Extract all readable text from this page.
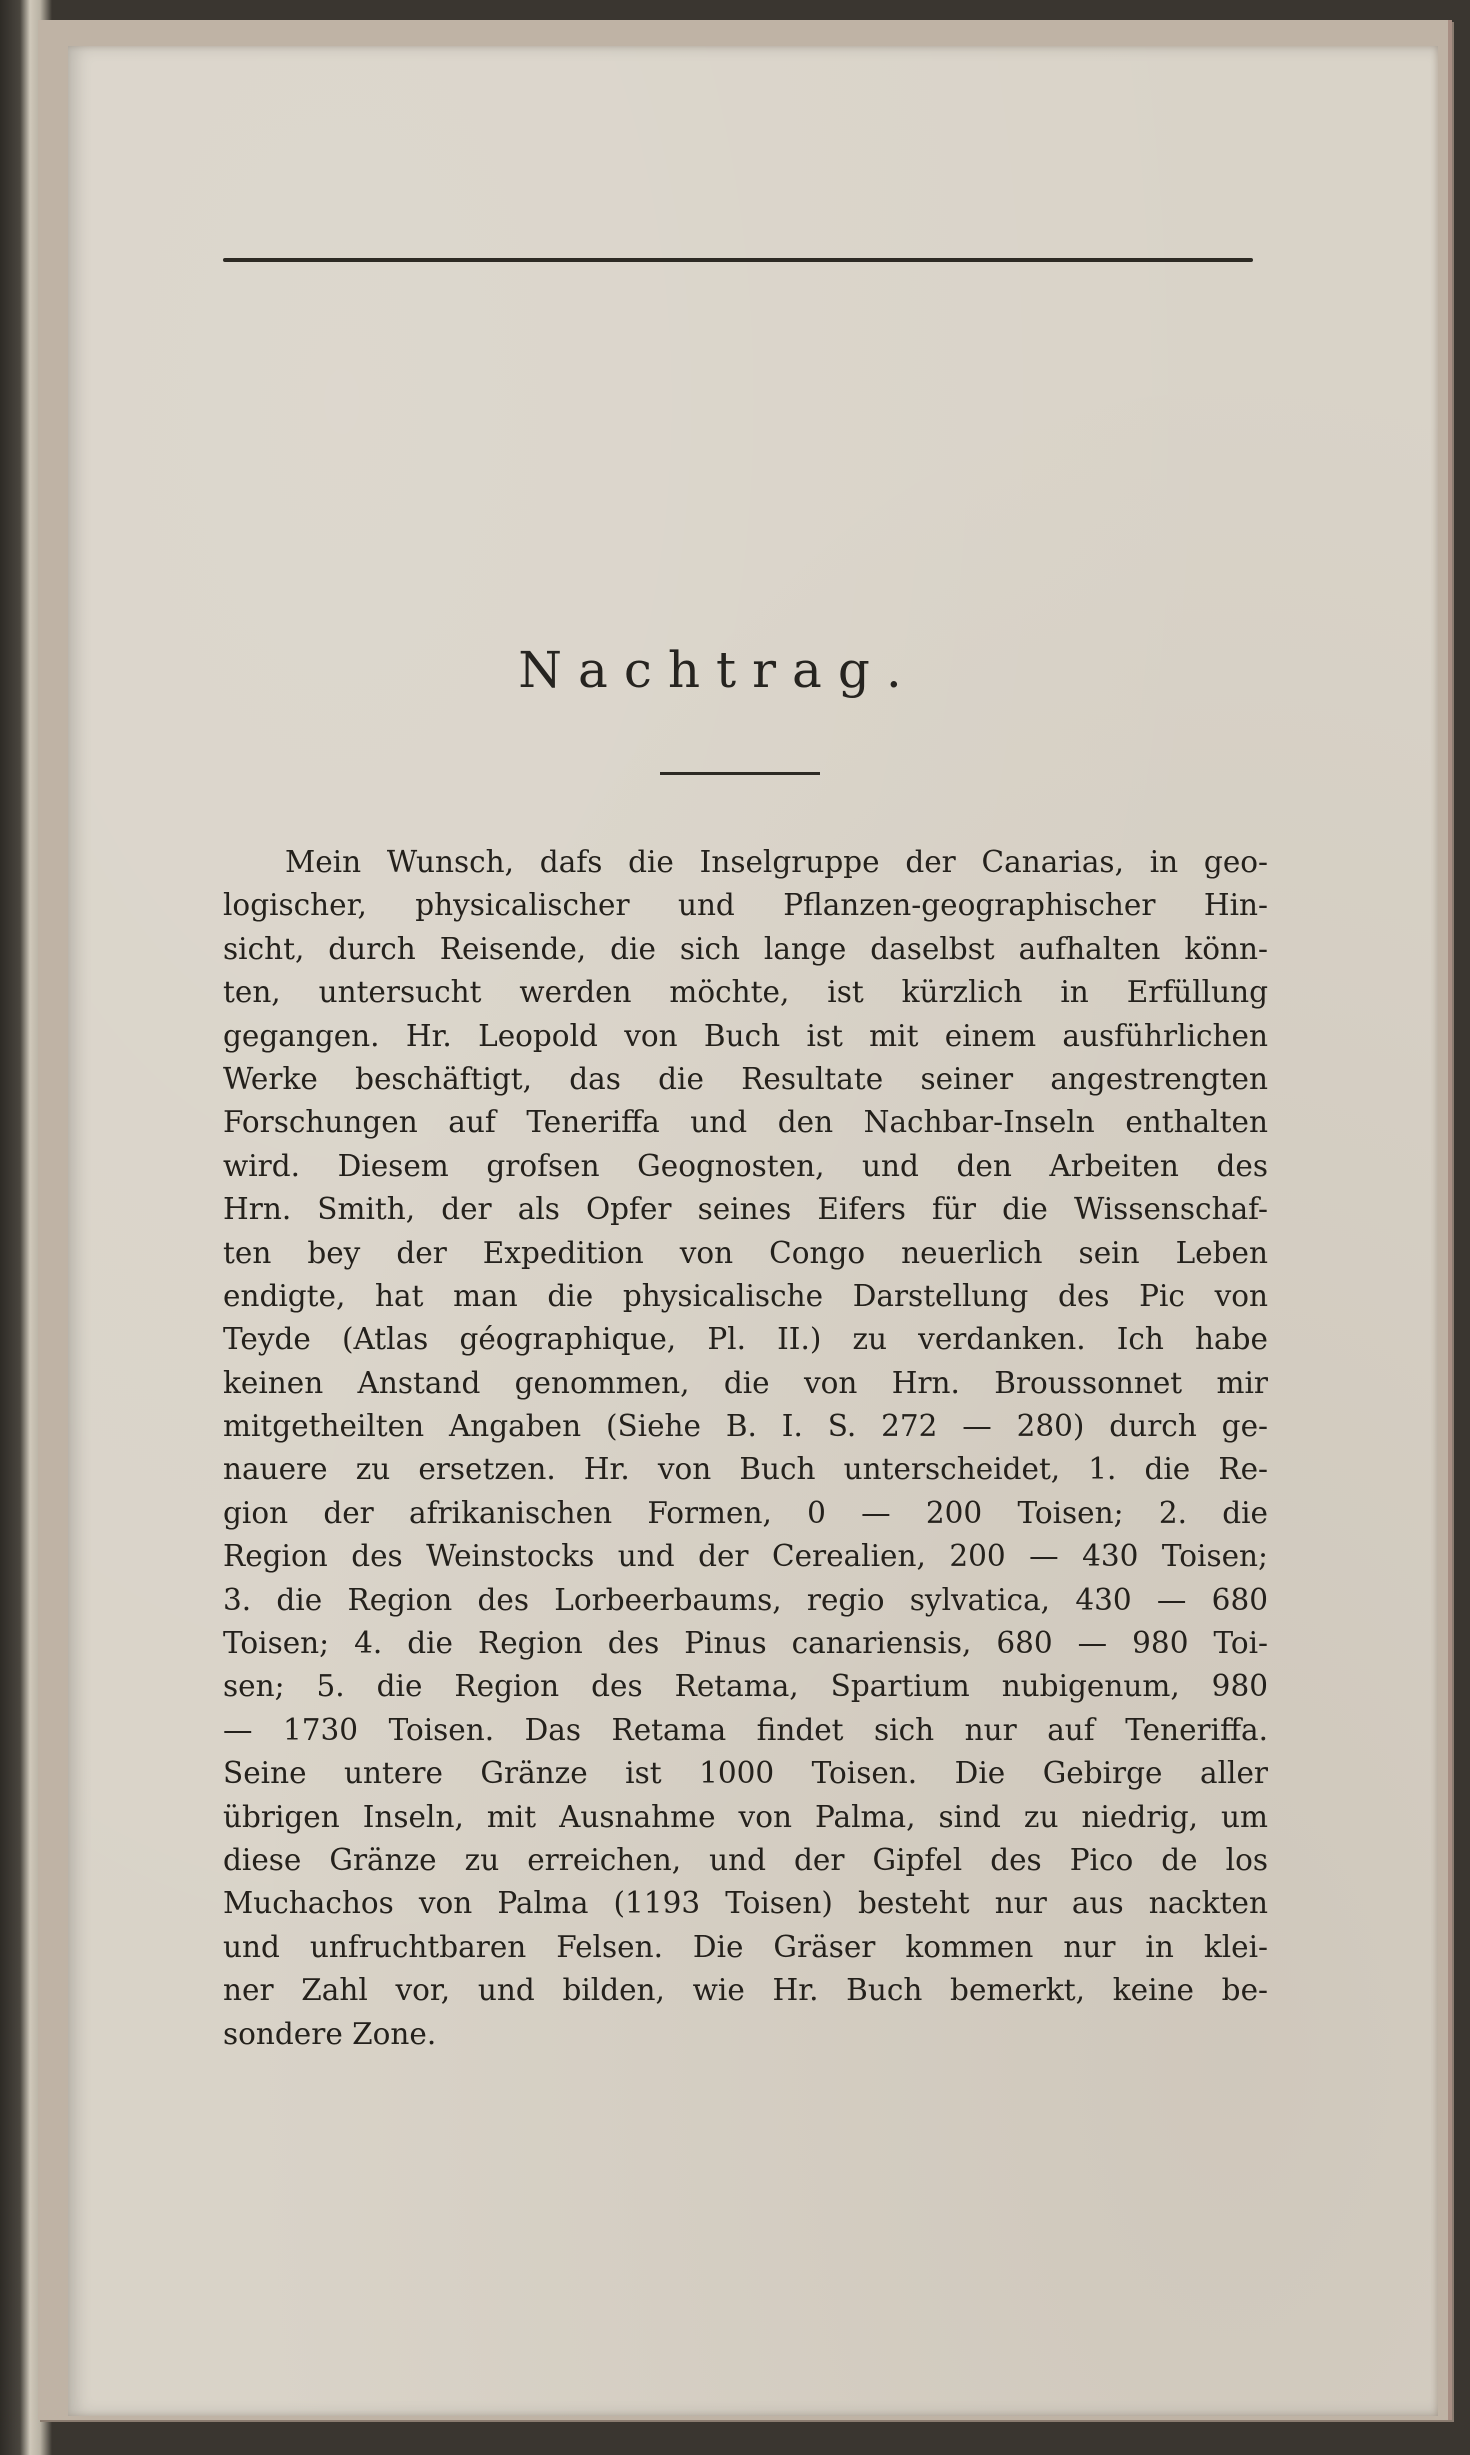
Nachtrag.
Mein Wunsch, dafs die Inselgruppe der Canarias, in geo-
logischer, physicalischer und Pflanzen-geographischer Hin-
sicht, durch Reisende, die sich lange daselbst aufhalten könn-
ten, untersucht werden möchte, ist kürzlich in Erfüllung
gegangen. Hr. Leopold von Buch ist mit einem ausführlichen
Werke beschäftigt, das die Resultate seiner angestrengten
Forschungen auf Teneriffa und den Nachbar-Inseln enthalten
wird. Diesem grofsen Geognosten, und den Arbeiten des
Hrn. Smith, der als Opfer seines Eifers für die Wissenschaf-
ten bey der Expedition von Congo neuerlich sein Leben
endigte, hat man die physicalische Darstellung des Pic von
Teyde (Atlas géographique, Pl. II.) zu verdanken. Ich habe
keinen Anstand genommen, die von Hrn. Broussonnet mir
mitgetheilten Angaben (Siehe B. I. S. 272 — 280) durch ge-
nauere zu ersetzen. Hr. von Buch unterscheidet, 1. die Re-
gion der afrikanischen Formen, 0 — 200 Toisen; 2. die
Region des Weinstocks und der Cerealien, 200 — 430 Toisen;
3. die Region des Lorbeerbaums, regio sylvatica, 430 — 680
Toisen; 4. die Region des Pinus canariensis, 680 — 980 Toi-
sen; 5. die Region des Retama, Spartium nubigenum, 980
— 1730 Toisen. Das Retama findet sich nur auf Teneriffa.
Seine untere Gränze ist 1000 Toisen. Die Gebirge aller
übrigen Inseln, mit Ausnahme von Palma, sind zu niedrig, um
diese Gränze zu erreichen, und der Gipfel des Pico de los
Muchachos von Palma (1193 Toisen) besteht nur aus nackten
und unfruchtbaren Felsen. Die Gräser kommen nur in klei-
ner Zahl vor, und bilden, wie Hr. Buch bemerkt, keine be-
sondere Zone.
